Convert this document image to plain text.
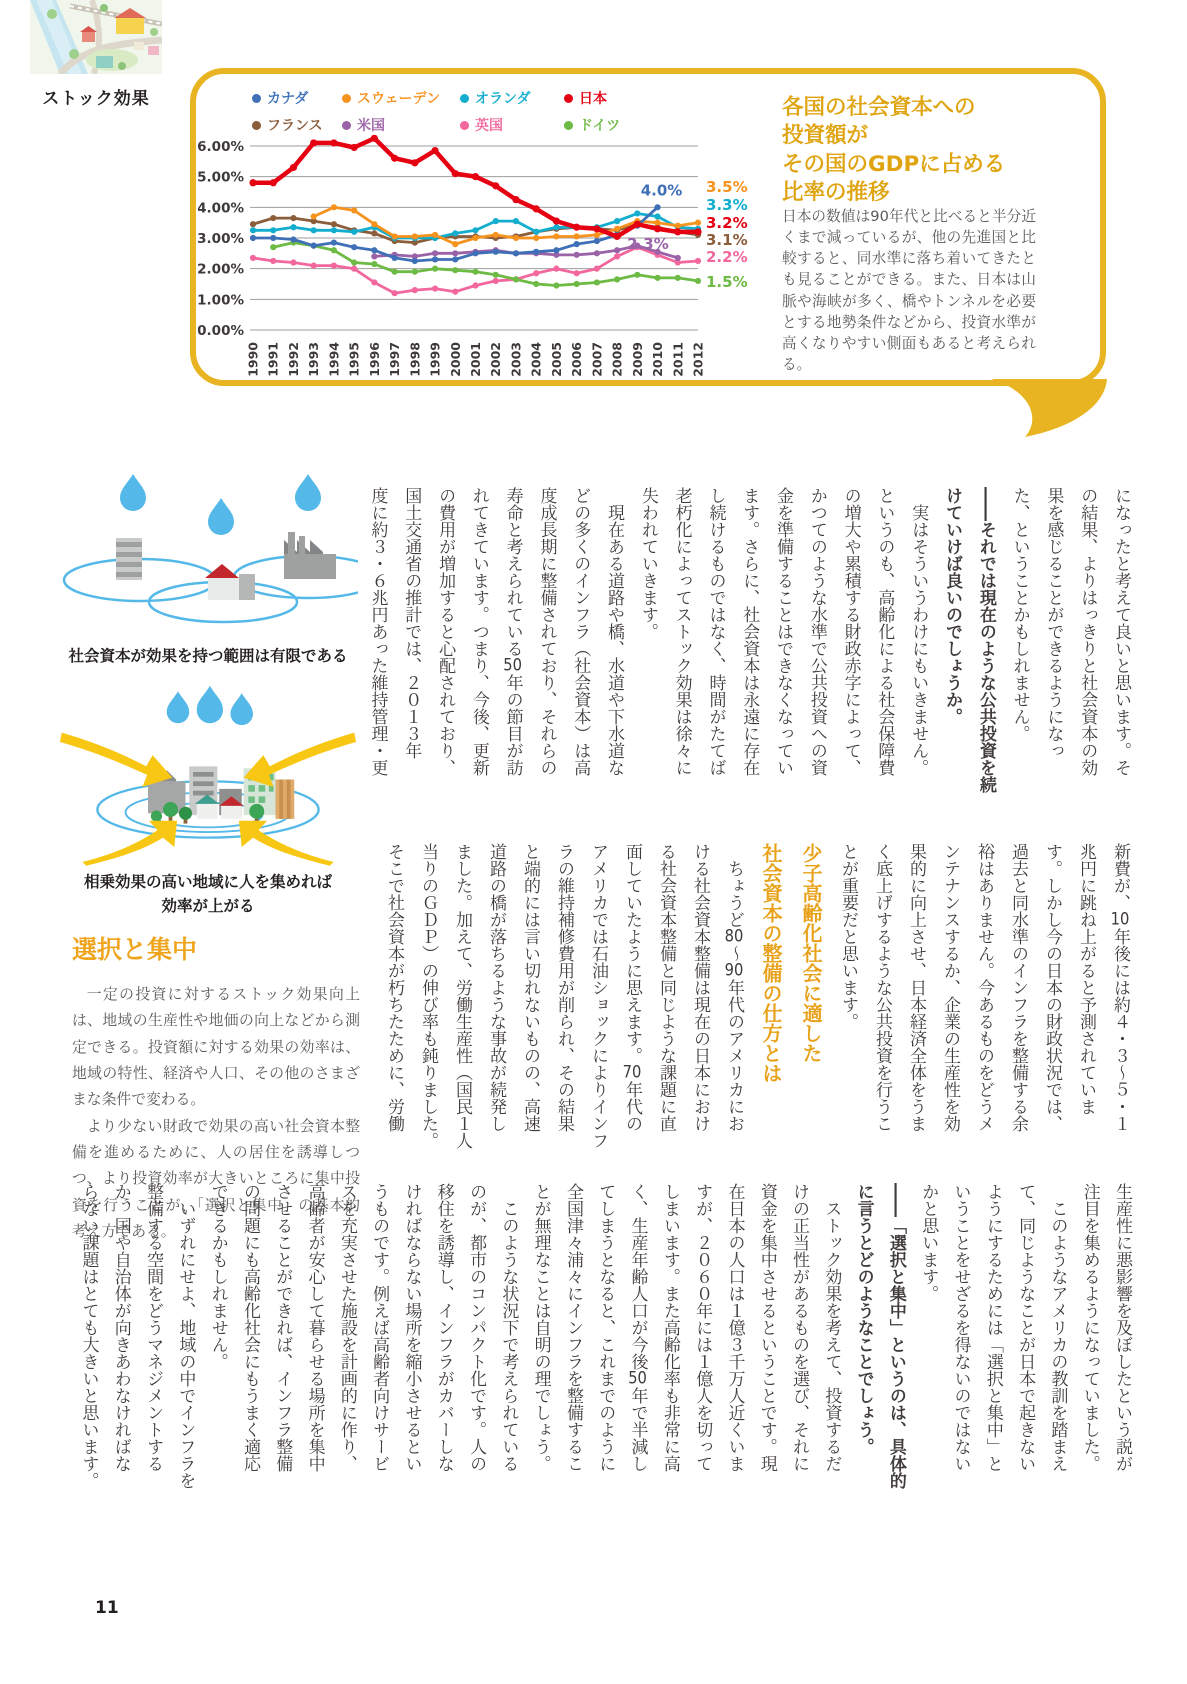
ストック効果	カナダ	スウェーデン オランダ	日本
フランス 米国	英国	ドイツ
0.00%
1.00%
2.00%
3.00%
4.00%
5.00%
6.00%
1990 1991 1992 1993 1994 1995 1996 1997 1998 1999 2000 2001 2002 2003 2004 2005 2006 2007 2008 2009 2010 2011 2012
4.0% 3.5%
3.3%
3.2%
3.1%
2.3%
2.2%
1.5%
各国の社会資本への
投資額が
その国のGDPに占める
比率の推移
日本の数値は90年代と比べると半分近くまで減っているが、他の先進国と比較すると、同水準に落ち着いてきたとも見ることができる。また、日本は山脈や海峡が多く、橋やトンネルを必要とする地勢条件などから、投資水準が高くなりやすい側面もあると考えられる。
社会資本が効果を持つ範囲は有限である
相乗効果の高い地域に人を集めれば
効率が上がる
選択と集中

一定の投資に対するストック効果向上は、地域の生産性や地価の向上などから測定できる。投資額に対する効果の効率は、地域の特性、経済や人口、その他のさまざまな条件で変わる。

より少ない財政で効果の高い社会資本整備を進めるために、人の居住を誘導しつつ、より投資効率が大きいところに集中投資を行うことが、「選択と集中」の基本的考え方である。

になったと考えて良いと思います。そ
の結果、よりはっきりと社会資本の効
果を感じることができるようになっ
た、ということかもしれません。
――それでは現在のような公共投資を続
けていけば良いのでしょうか。
　実はそういうわけにもいきません。
というのも、高齢化による社会保障費
の増大や累積する財政赤字によって、
かつてのような水準で公共投資への資
金を準備することはできなくなってい
ます。さらに、社会資本は永遠に存在
し続けるものではなく、時間がたてば
老朽化によってストック効果は徐々に
失われていきます。
　現在ある道路や橋、水道や下水道な
どの多くのインフラ（社会資本）は高
度成長期に整備されており、それらの
寿命と考えられている50年の節目が訪
れてきています。つまり、今後、更新
の費用が増加すると心配されており、
国土交通省の推計では、２０１３年
度に約３・６兆円あった維持管理・更
新費が、10年後には約４・３〜５・１
兆円に跳ね上がると予測されていま
す。しかし今の日本の財政状況では、
過去と同水準のインフラを整備する余
裕はありません。今あるものをどうメ
ンテナンスするか、企業の生産性を効
果的に向上させ、日本経済全体をうま
く底上げするような公共投資を行うこ
とが重要だと思います。
少子高齢化社会に適した
社会資本の整備の仕方とは
　ちょうど80〜90年代のアメリカにお
ける社会資本整備は現在の日本におけ
る社会資本整備と同じような課題に直
面していたように思えます。70年代の
アメリカでは石油ショックによりインフ
ラの維持補修費用が削られ、その結果
と端的には言い切れないものの、高速
道路の橋が落ちるような事故が続発し
ました。加えて、労働生産性（国民１人
当りのＧＤＰ）の伸び率も鈍りました。
そこで社会資本が朽ちたために、労働
生産性に悪影響を及ぼしたという説が
注目を集めるようになっていました。
　このようなアメリカの教訓を踏まえ
て、同じようなことが日本で起きない
ようにするためには「選択と集中」と
いうことをせざるを得ないのではない
かと思います。
――「選択と集中」というのは、具体的
に言うとどのようなことでしょう。
　ストック効果を考えて、投資するだ
けの正当性があるものを選び、それに
資金を集中させるということです。現
在日本の人口は１億３千万人近くいま
すが、２０６０年には１億人を切って
しまいます。また高齢化率も非常に高
く、生産年齢人口が今後50年で半減し
てしまうとなると、これまでのように
全国津々浦々にインフラを整備するこ
とが無理なことは自明の理でしょう。
　このような状況下で考えられている
のが、都市のコンパクト化です。人の
移住を誘導し、インフラがカバーしな
ければならない場所を縮小させるとい
うものです。例えば高齢者向けサービ
スを充実させた施設を計画的に作り、
高齢者が安心して暮らせる場所を集中
させることができれば、インフラ整備
の問題にも高齢化社会にもうまく適応
できるかもしれません。
　いずれにせよ、地域の中でインフラを
整備する空間をどうマネジメントする
か、国や自治体が向きあわなければな
らない課題はとても大きいと思います。
11
